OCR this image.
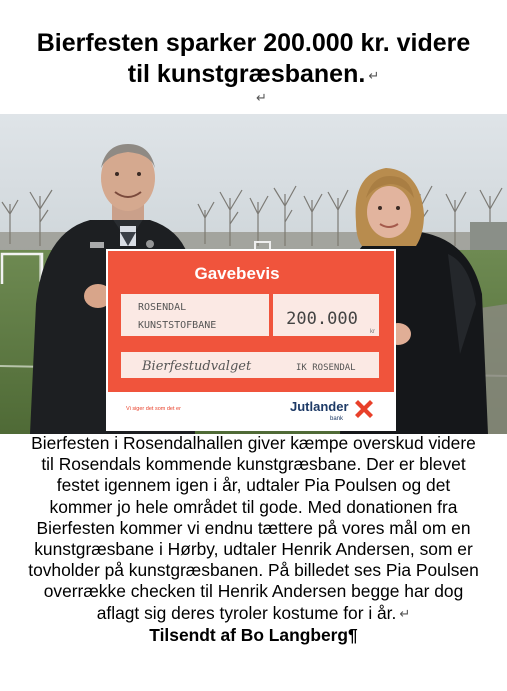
Bierfesten sparker 200.000 kr. videre
til kunstgræsbanen. ↵
↵
Gavebevis
ROSENDAL
KUNSTSTOFBANE	200.000
kr
Bierfestudvalget	IK ROSENDAL
Vi siger det som det er	Jutlander
bank
Bierfesten i Rosendalhallen giver kæmpe overskud videre
til Rosendals kommende kunstgræsbane. Der er blevet
festet igennem igen i år, udtaler Pia Poulsen og det
kommer jo hele området til gode. Med donationen fra
Bierfesten kommer vi endnu tættere på vores mål om en
kunstgræsbane i Hørby, udtaler Henrik Andersen, som er
tovholder på kunstgræsbanen. På billedet ses Pia Poulsen
overrække checken til Henrik Andersen begge har dog
aflagt sig deres tyroler kostume for i år. ↵
Tilsendt af Bo Langberg¶
